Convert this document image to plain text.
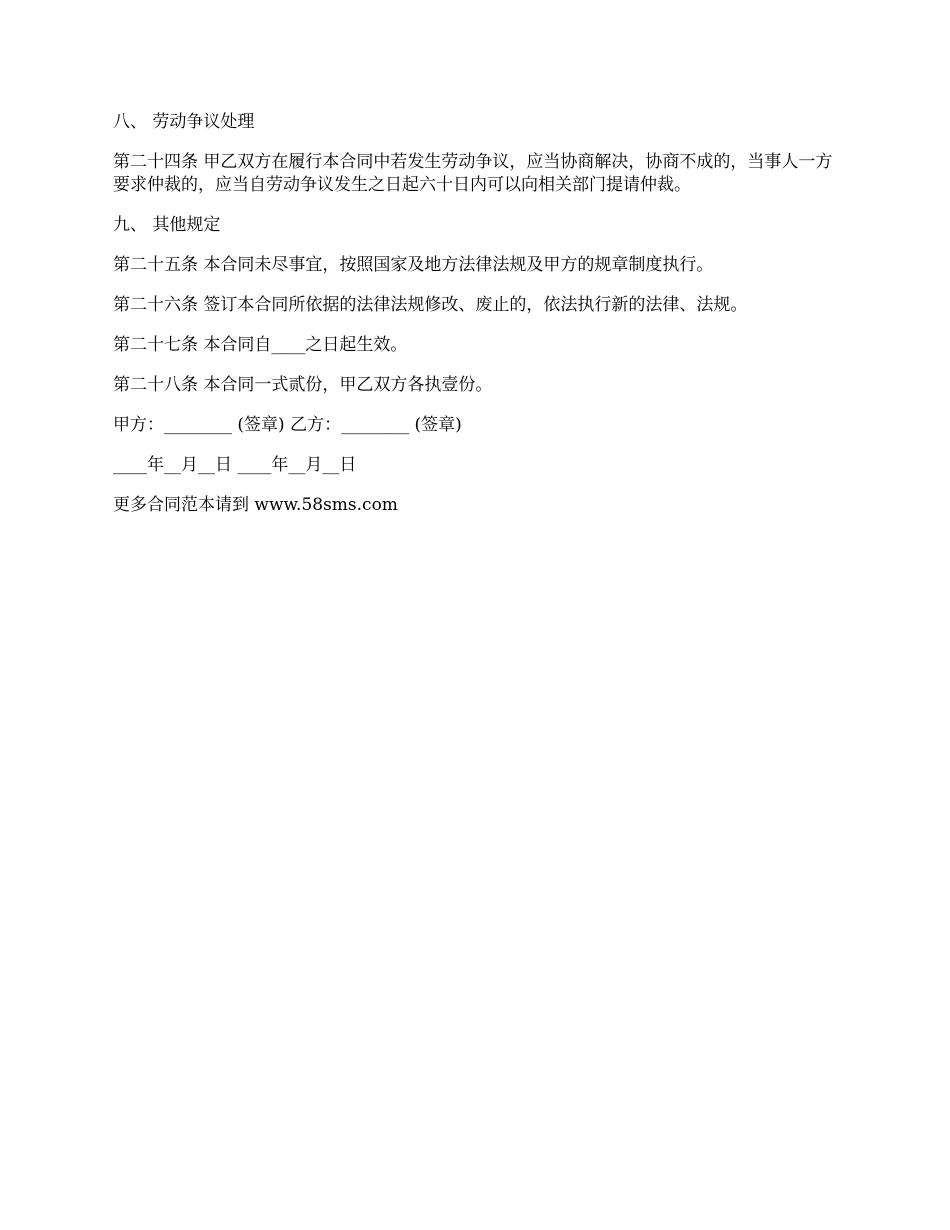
八、 劳动争议处理

第二十四条 甲乙双方在履行本合同中若发生劳动争议，应当协商解决，协商不成的，当事人一方要求仲裁的，应当自劳动争议发生之日起六十日内可以向相关部门提请仲裁。

九、 其他规定

第二十五条 本合同未尽事宜，按照国家及地方法律法规及甲方的规章制度执行。

第二十六条 签订本合同所依据的法律法规修改、废止的，依法执行新的法律、法规。

第二十七条 本合同自____之日起生效。

第二十八条 本合同一式贰份，甲乙双方各执壹份。

甲方：________ (签章) 乙方：________ (签章)

____年__月__日 ____年__月__日

更多合同范本请到 www.58sms.com
